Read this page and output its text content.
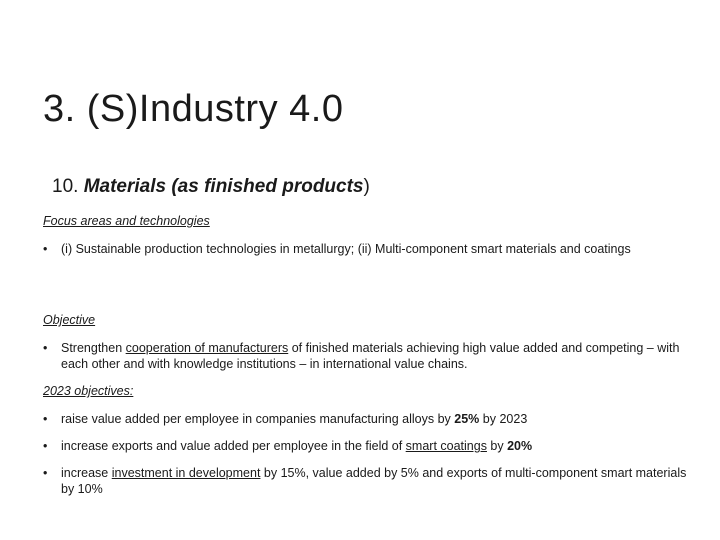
3. (S)Industry 4.0

10. Materials (as finished products)

Focus areas and technologies

•	(i) Sustainable production technologies in metallurgy; (ii) Multi-component smart materials and coatings

Objective

•	Strengthen cooperation of manufacturers of finished materials achieving high value added and competing – with each other and with knowledge institutions – in international value chains.

2023 objectives:

•	raise value added per employee in companies manufacturing alloys by 25% by 2023
•	increase exports and value added per employee in the field of smart coatings by 20%
•	increase investment in development by 15%, value added by 5% and exports of multi-component smart materials by 10%
